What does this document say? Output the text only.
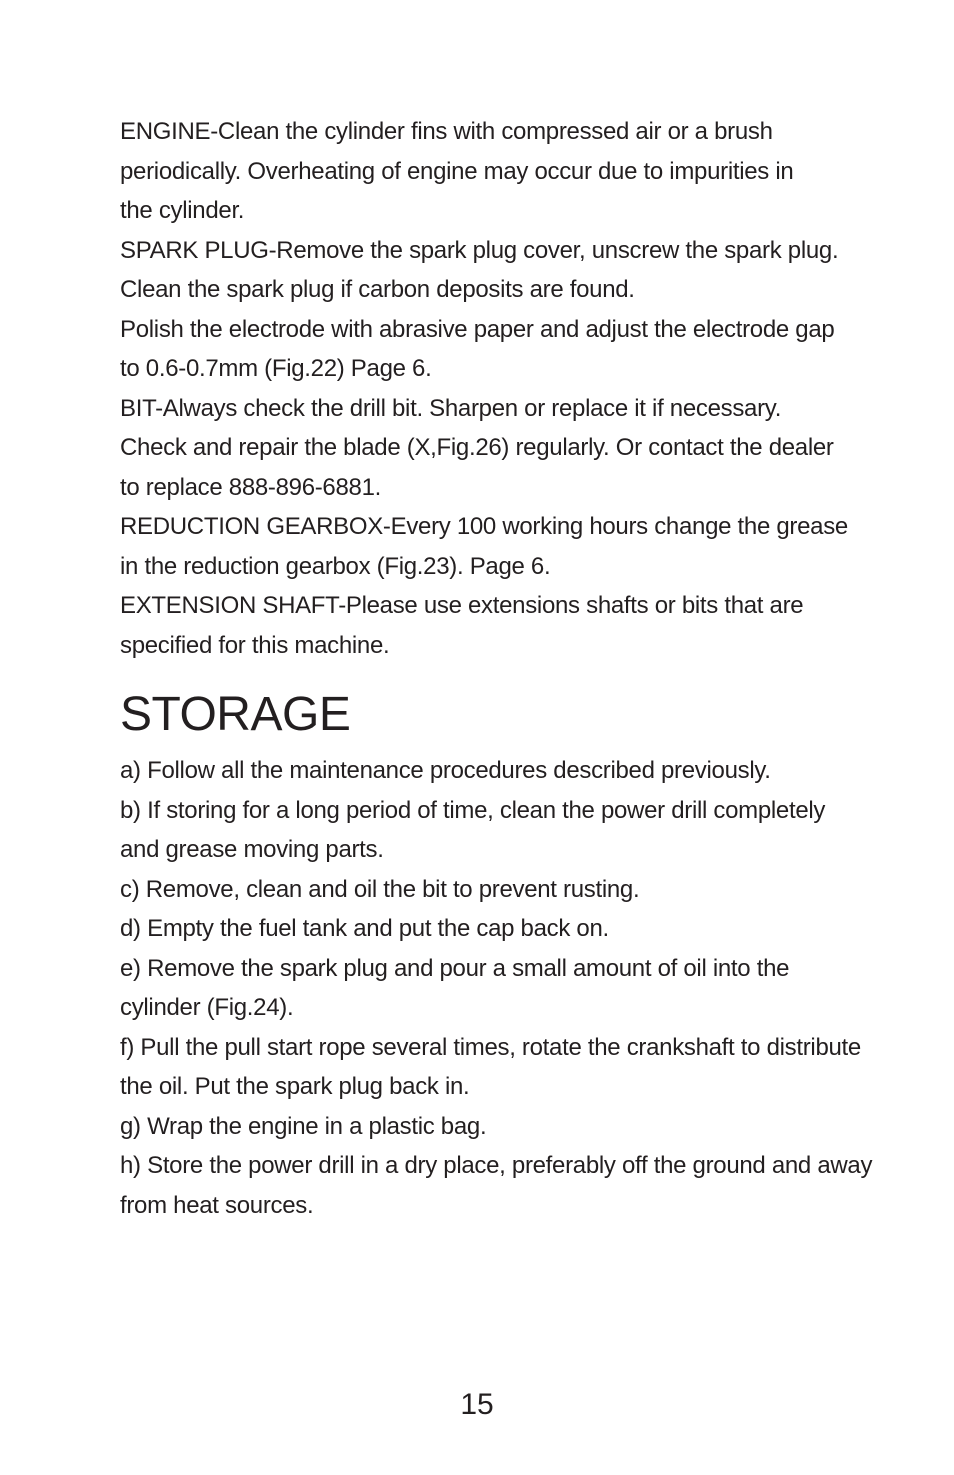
ENGINE-Clean the cylinder fins with compressed air or a brush periodically. Overheating of engine may occur due to impurities in the cylinder.

SPARK PLUG-Remove the spark plug cover, unscrew the spark plug. Clean the spark plug if carbon deposits are found.

Polish the electrode with abrasive paper and adjust the electrode gap to 0.6-0.7mm (Fig.22) Page 6.

BIT-Always check the drill bit. Sharpen or replace it if necessary.

Check and repair the blade (X,Fig.26) regularly. Or contact the dealer to replace 888-896-6881.

REDUCTION GEARBOX-Every 100 working hours change the grease in the reduction gearbox (Fig.23). Page 6.

EXTENSION SHAFT-Please use extensions shafts or bits that are specified for this machine.

STORAGE

a) Follow all the maintenance procedures described previously.

b) If storing for a long period of time, clean the power drill completely and grease moving parts.

c) Remove, clean and oil the bit to prevent rusting.

d) Empty the fuel tank and put the cap back on.

e) Remove the spark plug and pour a small amount of oil into the cylinder (Fig.24).

f) Pull the pull start rope several times, rotate the crankshaft to distribute the oil. Put the spark plug back in.

g) Wrap the engine in a plastic bag.

h) Store the power drill in a dry place, preferably off the ground and away from heat sources.

15
